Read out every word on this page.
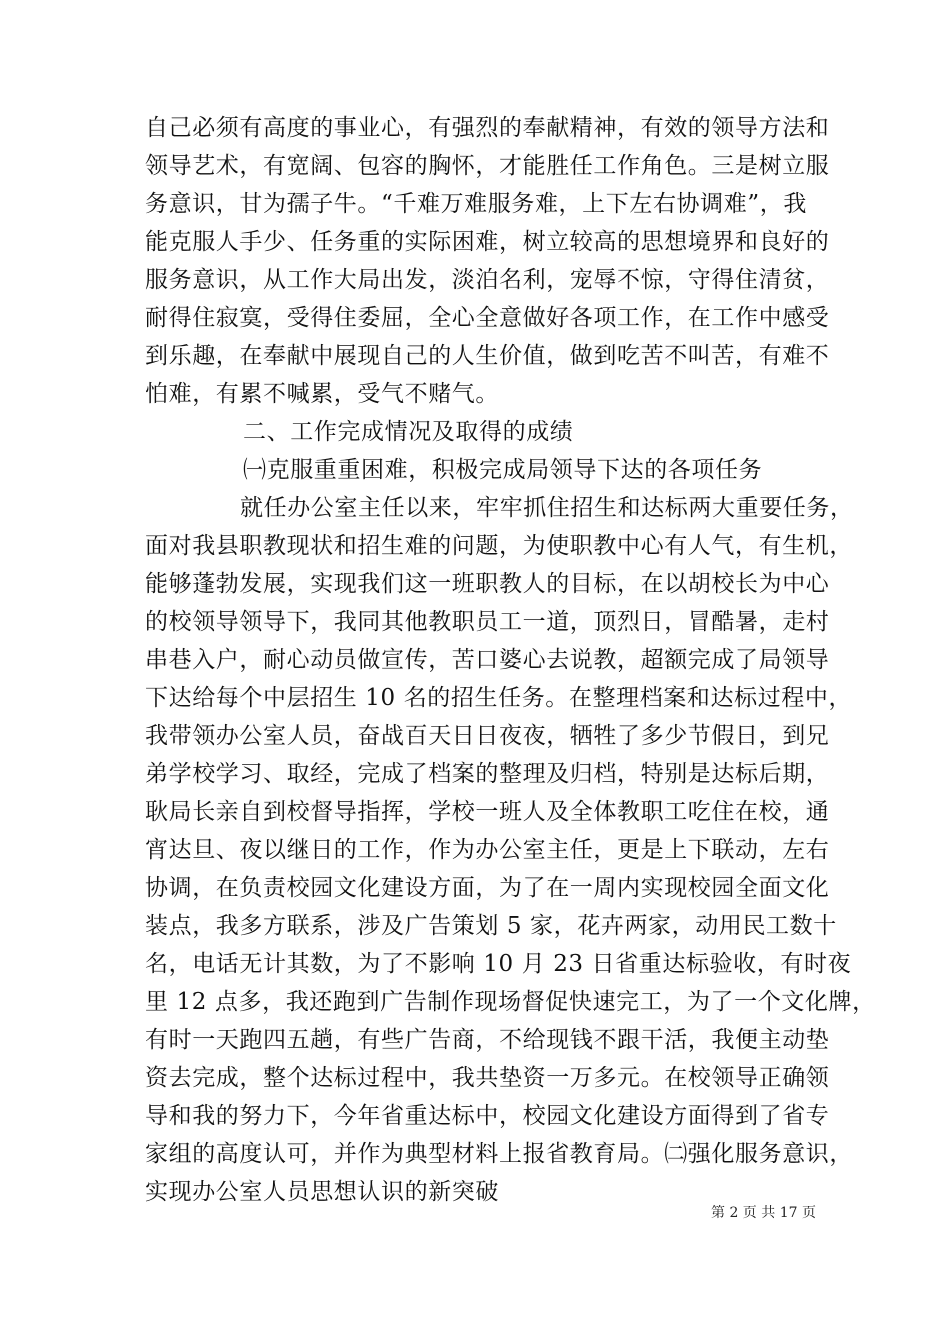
自己必须有高度的事业心，有强烈的奉献精神，有效的领导方法和
领导艺术，有宽阔、包容的胸怀，才能胜任工作角色。三是树立服
务意识，甘为孺子牛。“千难万难服务难，上下左右协调难”，我
能克服人手少、任务重的实际困难，树立较高的思想境界和良好的
服务意识，从工作大局出发，淡泊名利，宠辱不惊，守得住清贫，
耐得住寂寞，受得住委屈，全心全意做好各项工作，在工作中感受
到乐趣，在奉献中展现自己的人生价值，做到吃苦不叫苦，有难不
怕难，有累不喊累，受气不赌气。
二、工作完成情况及取得的成绩
㈠克服重重困难，积极完成局领导下达的各项任务
就任办公室主任以来，牢牢抓住招生和达标两大重要任务，
面对我县职教现状和招生难的问题，为使职教中心有人气，有生机，
能够蓬勃发展，实现我们这一班职教人的目标，在以胡校长为中心
的校领导领导下，我同其他教职员工一道，顶烈日，冒酷暑，走村
串巷入户，耐心动员做宣传，苦口婆心去说教，超额完成了局领导
下达给每个中层招生 10 名的招生任务。在整理档案和达标过程中，
我带领办公室人员，奋战百天日日夜夜，牺牲了多少节假日，到兄
弟学校学习、取经，完成了档案的整理及归档，特别是达标后期，
耿局长亲自到校督导指挥，学校一班人及全体教职工吃住在校，通
宵达旦、夜以继日的工作，作为办公室主任，更是上下联动，左右
协调，在负责校园文化建设方面，为了在一周内实现校园全面文化
装点，我多方联系，涉及广告策划 5 家，花卉两家，动用民工数十
名，电话无计其数，为了不影响 10 月 23 日省重达标验收，有时夜
里 12 点多，我还跑到广告制作现场督促快速完工，为了一个文化牌，
有时一天跑四五趟，有些广告商，不给现钱不跟干活，我便主动垫
资去完成，整个达标过程中，我共垫资一万多元。在校领导正确领
导和我的努力下，今年省重达标中，校园文化建设方面得到了省专
家组的高度认可，并作为典型材料上报省教育局。㈡强化服务意识，
实现办公室人员思想认识的新突破
第 2 页 共 17 页
